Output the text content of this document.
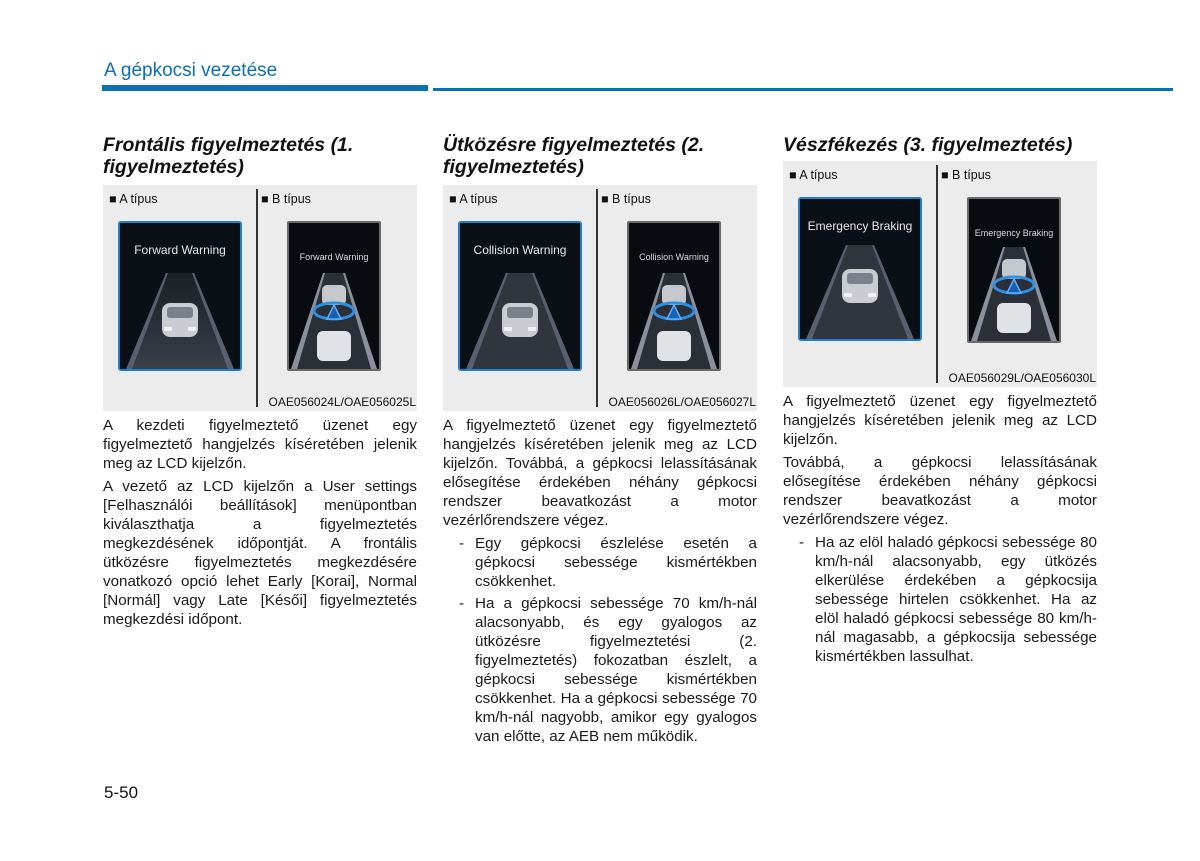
A gépkocsi vezetése
Frontális figyelmeztetés (1. figyelmeztetés)
■ A típus	■ B típus
Forward Warning	Forward Warning
OAE056024L/OAE056025L

A kezdeti figyelmeztető üzenet egy figyelmeztető hangjelzés kíséretében jelenik meg az LCD kijelzőn.

A vezető az LCD kijelzőn a User settings [Felhasználói beállítások] menüpontban kiválaszthatja a figyelmeztetés megkezdésének időpontját. A frontális ütközésre figyelmeztetés megkezdésére vonatkozó opció lehet Early [Korai], Normal [Normál] vagy Late [Késői] figyelmeztetés megkezdési időpont.

Ütközésre figyelmeztetés (2. figyelmeztetés)
■ A típus	■ B típus
Collision Warning	Collision Warning
OAE056026L/OAE056027L

A figyelmeztető üzenet egy figyelmeztető hangjelzés kíséretében jelenik meg az LCD kijelzőn. Továbbá, a gépkocsi lelassításának elősegítése érdekében néhány gépkocsi rendszer beavatkozást a motor vezérlőrendszere végez.

- Egy gépkocsi észlelése esetén a gépkocsi sebessége kismértékben csökkenhet.
- Ha a gépkocsi sebessége 70 km/h-nál alacsonyabb, és egy gyalogos az ütközésre figyelmeztetési (2. figyelmeztetés) fokozatban észlelt, a gépkocsi sebessége kismértékben csökkenhet. Ha a gépkocsi sebessége 70 km/h-nál nagyobb, amikor egy gyalogos van előtte, az AEB nem működik.
Vészfékezés (3. figyelmeztetés)
■ A típus	■ B típus
Emergency Braking	Emergency Braking
OAE056029L/OAE056030L

A figyelmeztető üzenet egy figyelmeztető hangjelzés kíséretében jelenik meg az LCD kijelzőn.

Továbbá, a gépkocsi lelassításának elősegítése érdekében néhány gépkocsi rendszer beavatkozást a motor vezérlőrendszere végez.

- Ha az elöl haladó gépkocsi sebessége 80 km/h-nál alacsonyabb, egy ütközés elkerülése érdekében a gépkocsija sebessége hirtelen csökkenhet. Ha az elöl haladó gépkocsi sebessége 80 km/h-nál magasabb, a gépkocsija sebessége kismértékben lassulhat.
5-50
